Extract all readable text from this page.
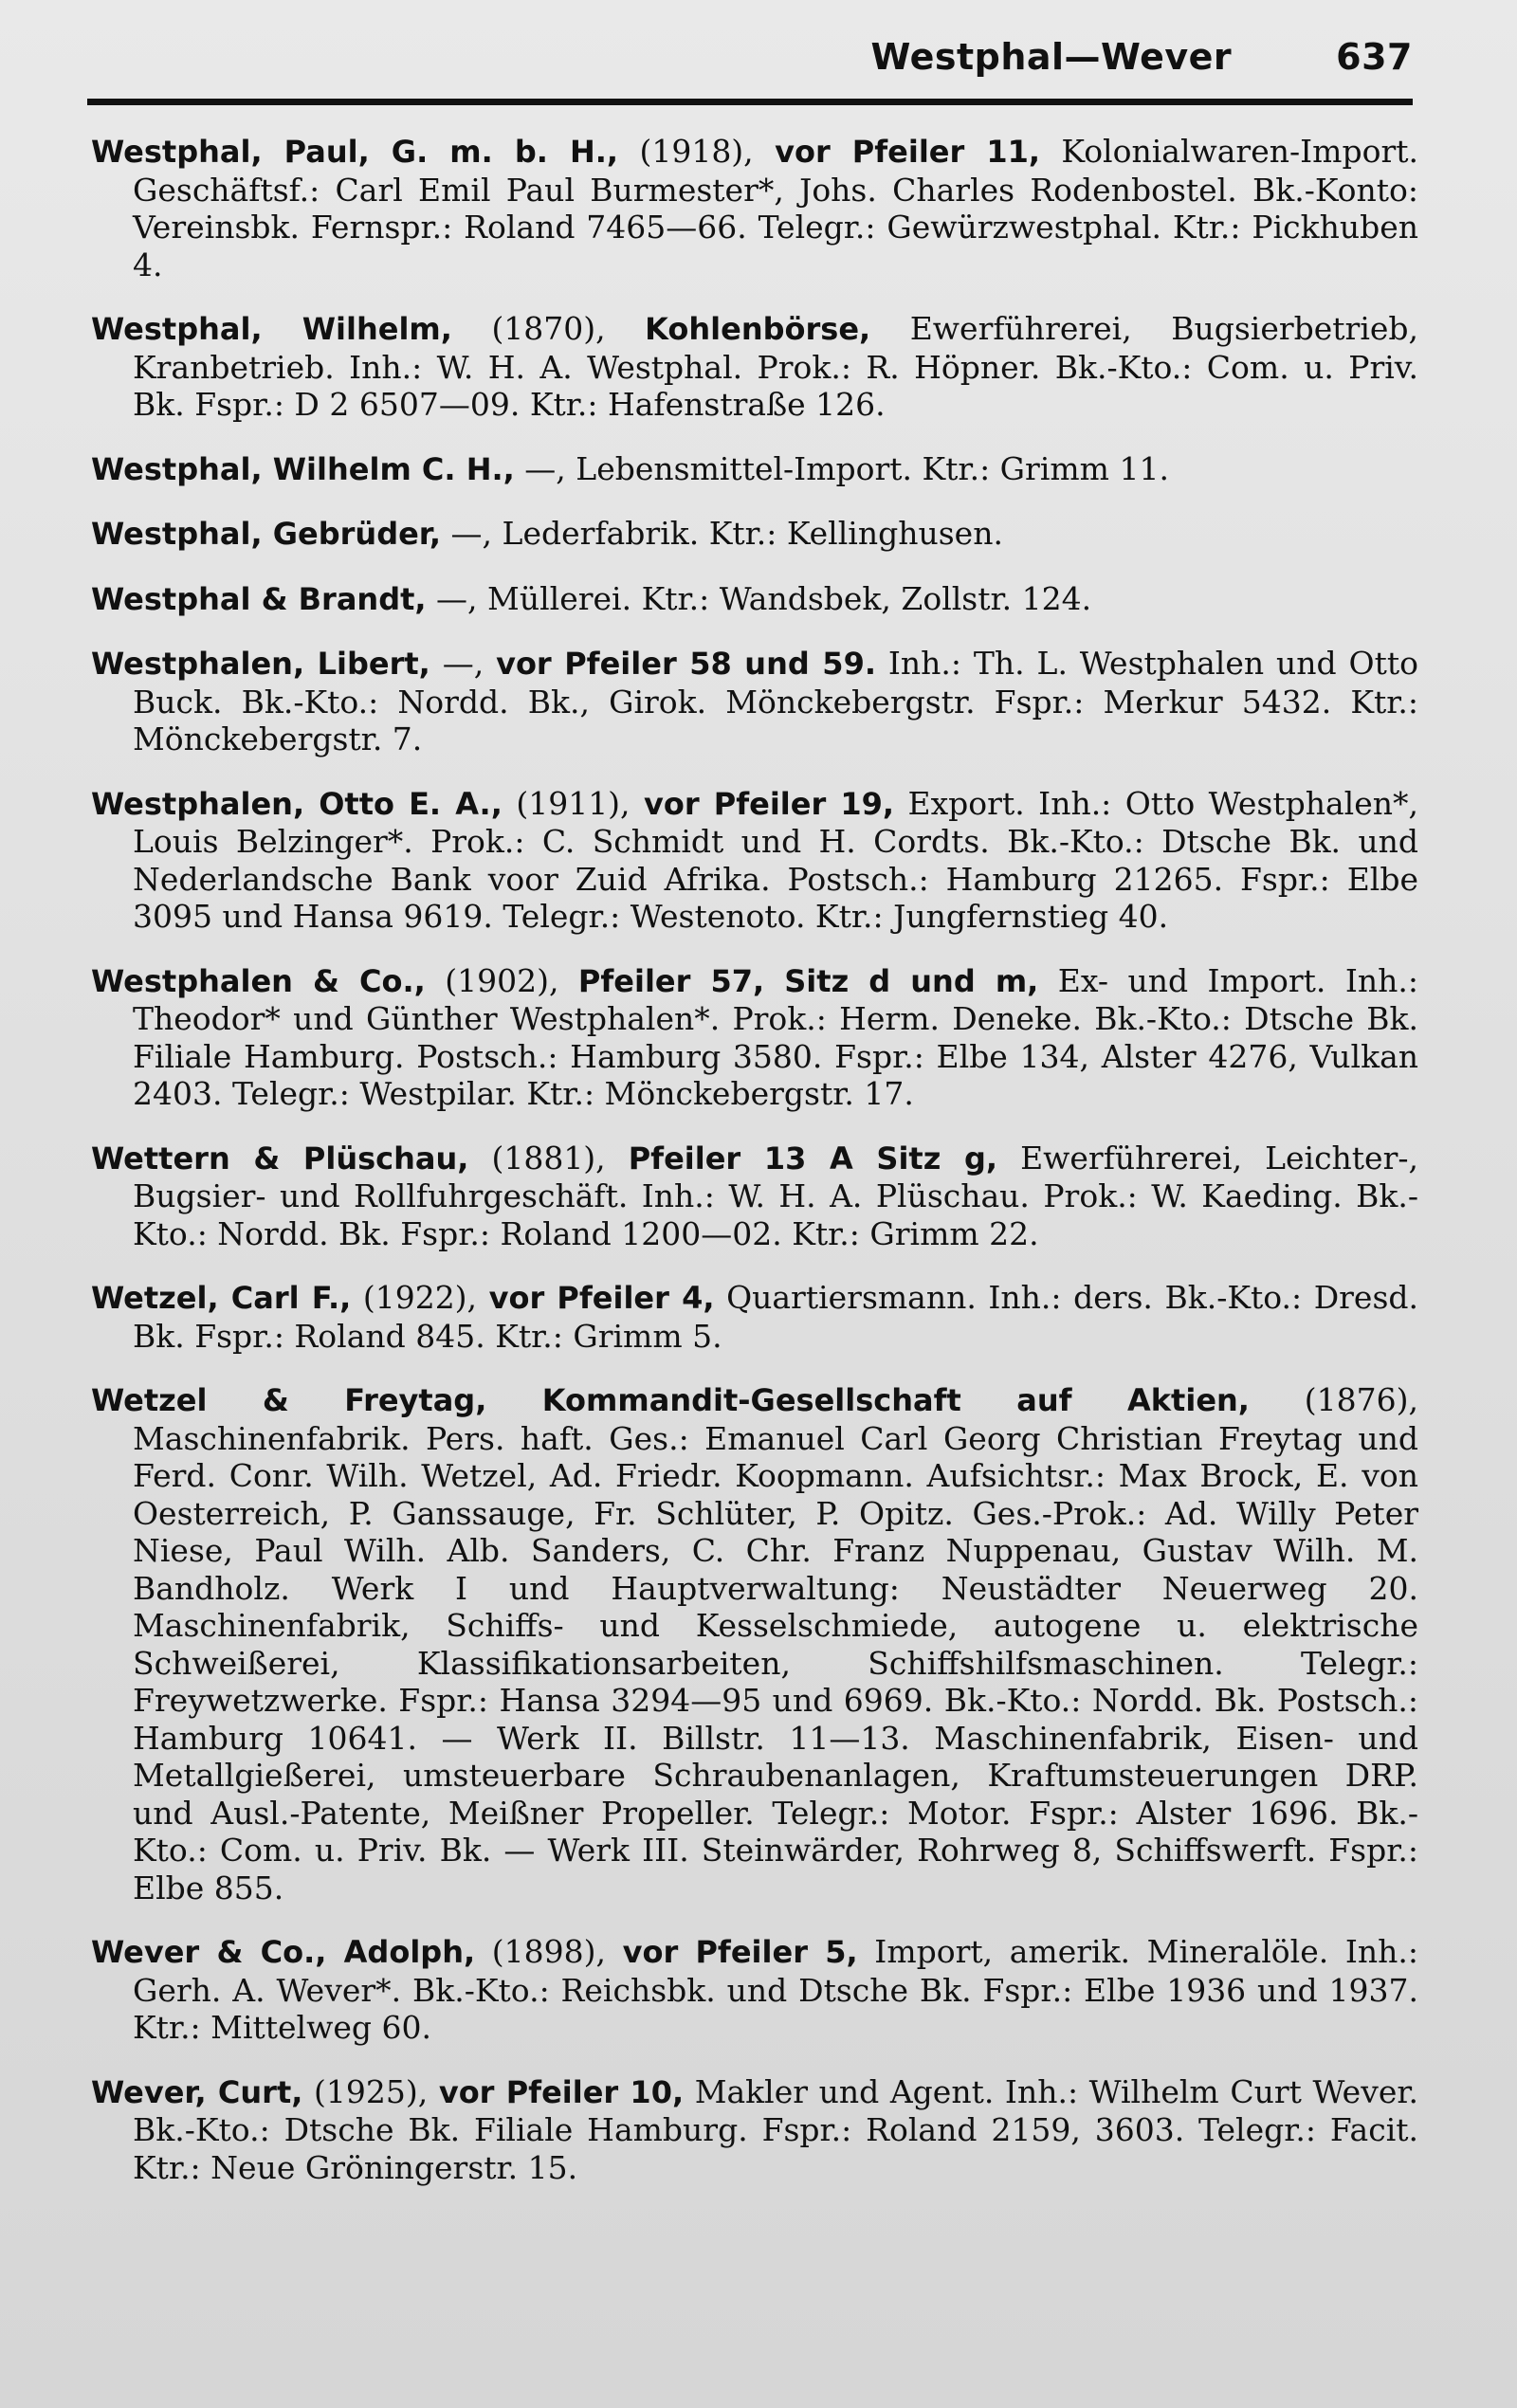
Westphal—Wever	637

Westphal, Paul, G. m. b. H., (1918), vor Pfeiler 11, Kolonialwaren-Import. Geschäftsf.: Carl Emil Paul Burmester*, Johs. Charles Rodenbostel. Bk.-Konto: Vereinsbk. Fernspr.: Roland 7465—66. Telegr.: Gewürzwestphal. Ktr.: Pickhuben 4.

Westphal, Wilhelm, (1870), Kohlenbörse, Ewerführerei, Bugsierbetrieb, Kranbetrieb. Inh.: W. H. A. Westphal. Prok.: R. Höpner. Bk.-Kto.: Com. u. Priv. Bk. Fspr.: D 2 6507—09. Ktr.: Hafenstraße 126.

Westphal, Wilhelm C. H., —, Lebensmittel-Import. Ktr.: Grimm 11.

Westphal, Gebrüder, —, Lederfabrik. Ktr.: Kellinghusen.

Westphal & Brandt, —, Müllerei. Ktr.: Wandsbek, Zollstr. 124.

Westphalen, Libert, —, vor Pfeiler 58 und 59. Inh.: Th. L. Westphalen und Otto Buck. Bk.-Kto.: Nordd. Bk., Girok. Mönckebergstr. Fspr.: Merkur 5432. Ktr.: Mönckebergstr. 7.

Westphalen, Otto E. A., (1911), vor Pfeiler 19, Export. Inh.: Otto Westphalen*, Louis Belzinger*. Prok.: C. Schmidt und H. Cordts. Bk.-Kto.: Dtsche Bk. und Nederlandsche Bank voor Zuid Afrika. Postsch.: Hamburg 21265. Fspr.: Elbe 3095 und Hansa 9619. Telegr.: Westenoto. Ktr.: Jungfernstieg 40.

Westphalen & Co., (1902), Pfeiler 57, Sitz d und m, Ex- und Import. Inh.: Theodor* und Günther Westphalen*. Prok.: Herm. Deneke. Bk.-Kto.: Dtsche Bk. Filiale Hamburg. Postsch.: Hamburg 3580. Fspr.: Elbe 134, Alster 4276, Vulkan 2403. Telegr.: Westpilar. Ktr.: Mönckebergstr. 17.

Wettern & Plüschau, (1881), Pfeiler 13 A Sitz g, Ewerführerei, Leichter-, Bugsier- und Rollfuhrgeschäft. Inh.: W. H. A. Plüschau. Prok.: W. Kaeding. Bk.-Kto.: Nordd. Bk. Fspr.: Roland 1200—02. Ktr.: Grimm 22.

Wetzel, Carl F., (1922), vor Pfeiler 4, Quartiersmann. Inh.: ders. Bk.-Kto.: Dresd. Bk. Fspr.: Roland 845. Ktr.: Grimm 5.

Wetzel & Freytag, Kommandit-Gesellschaft auf Aktien, (1876), Maschinenfabrik. Pers. haft. Ges.: Emanuel Carl Georg Christian Freytag und Ferd. Conr. Wilh. Wetzel, Ad. Friedr. Koopmann. Aufsichtsr.: Max Brock, E. von Oesterreich, P. Ganssauge, Fr. Schlüter, P. Opitz. Ges.-Prok.: Ad. Willy Peter Niese, Paul Wilh. Alb. Sanders, C. Chr. Franz Nuppenau, Gustav Wilh. M. Bandholz. Werk I und Hauptverwaltung: Neustädter Neuerweg 20. Maschinenfabrik, Schiffs- und Kesselschmiede, autogene u. elektrische Schweißerei, Klassifikationsarbeiten, Schiffshilfsmaschinen. Telegr.: Freywetzwerke. Fspr.: Hansa 3294—95 und 6969. Bk.-Kto.: Nordd. Bk. Postsch.: Hamburg 10641. — Werk II. Billstr. 11—13. Maschinenfabrik, Eisen- und Metallgießerei, umsteuerbare Schraubenanlagen, Kraftumsteuerungen DRP. und Ausl.-Patente, Meißner Propeller. Telegr.: Motor. Fspr.: Alster 1696. Bk.-Kto.: Com. u. Priv. Bk. — Werk III. Steinwärder, Rohrweg 8, Schiffswerft. Fspr.: Elbe 855.

Wever & Co., Adolph, (1898), vor Pfeiler 5, Import, amerik. Mineralöle. Inh.: Gerh. A. Wever*. Bk.-Kto.: Reichsbk. und Dtsche Bk. Fspr.: Elbe 1936 und 1937. Ktr.: Mittelweg 60.

Wever, Curt, (1925), vor Pfeiler 10, Makler und Agent. Inh.: Wilhelm Curt Wever. Bk.-Kto.: Dtsche Bk. Filiale Hamburg. Fspr.: Roland 2159, 3603. Telegr.: Facit. Ktr.: Neue Gröningerstr. 15.
